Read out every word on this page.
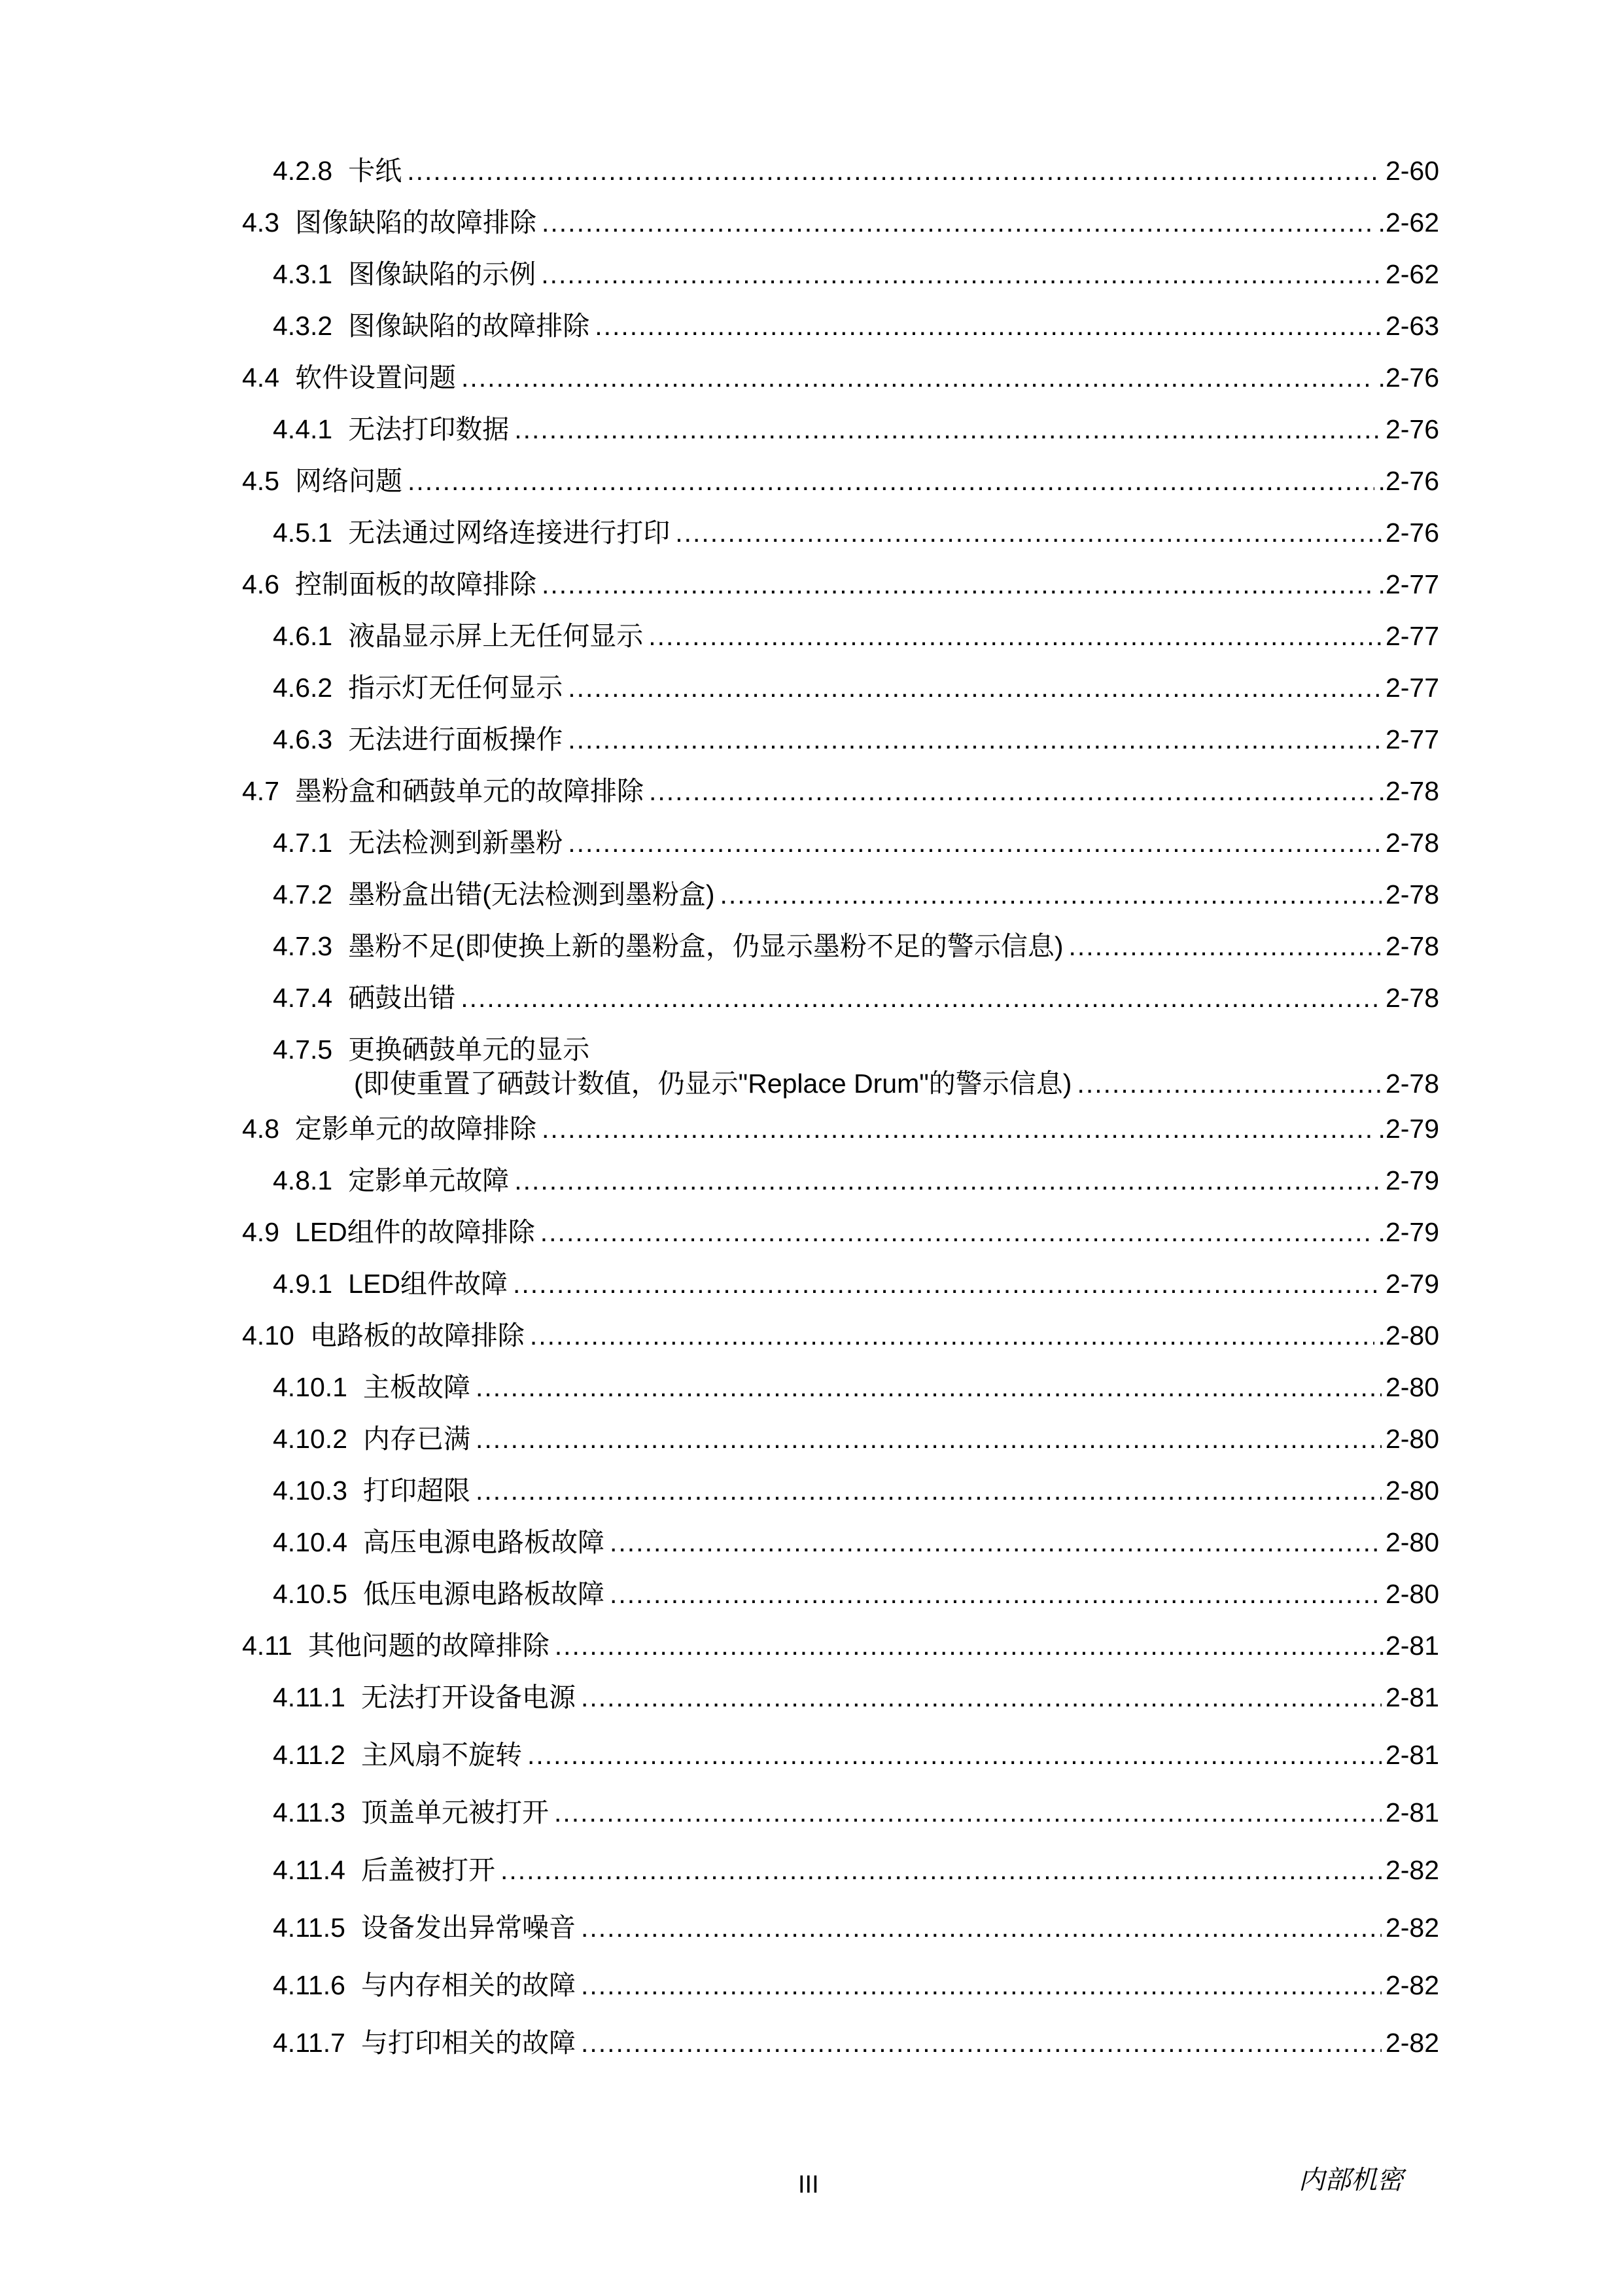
4.2.8 卡纸 .....	2-60
4.3 图像缺陷的故障排除 .....	.2-62
4.3.1 图像缺陷的示例 .....	2-62
4.3.2 图像缺陷的故障排除 .....	2-63
4.4 软件设置问题 .....	.2-76
4.4.1 无法打印数据 .....	2-76
4.5 网络问题 .....	.2-76
4.5.1 无法通过网络连接进行打印 .....	2-76
4.6 控制面板的故障排除 .....	.2-77
4.6.1 液晶显示屏上无任何显示 .....	2-77
4.6.2 指示灯无任何显示 .....	2-77
4.6.3 无法进行面板操作 .....	2-77
4.7 墨粉盒和硒鼓单元的故障排除 .....	.2-78
4.7.1 无法检测到新墨粉 .....	2-78
4.7.2 墨粉盒出错(无法检测到墨粉盒) .....	2-78
4.7.3 墨粉不足(即使换上新的墨粉盒，仍显示墨粉不足的警示信息) .....	2-78
4.7.4 硒鼓出错 .....	2-78
4.7.5 更换硒鼓单元的显示
(即使重置了硒鼓计数值，仍显示"Replace Drum"的警示信息) .....	2-78
4.8 定影单元的故障排除 .....	.2-79
4.8.1 定影单元故障 .....	2-79
4.9 LED组件的故障排除 .....	.2-79
4.9.1 LED组件故障 .....	2-79
4.10 电路板的故障排除 .....	.2-80
4.10.1 主板故障 .....	2-80
4.10.2 内存已满 .....	2-80
4.10.3 打印超限 .....	2-80
4.10.4 高压电源电路板故障 .....	2-80
4.10.5 低压电源电路板故障 .....	2-80
4.11 其他问题的故障排除 .....	.2-81
4.11.1 无法打开设备电源 .....	2-81
4.11.2 主风扇不旋转 .....	2-81
4.11.3 顶盖单元被打开 .....	2-81
4.11.4 后盖被打开 .....	2-82
4.11.5 设备发出异常噪音 .....	2-82
4.11.6 与内存相关的故障 .....	2-82
4.11.7 与打印相关的故障 .....	2-82
III	内部机密
